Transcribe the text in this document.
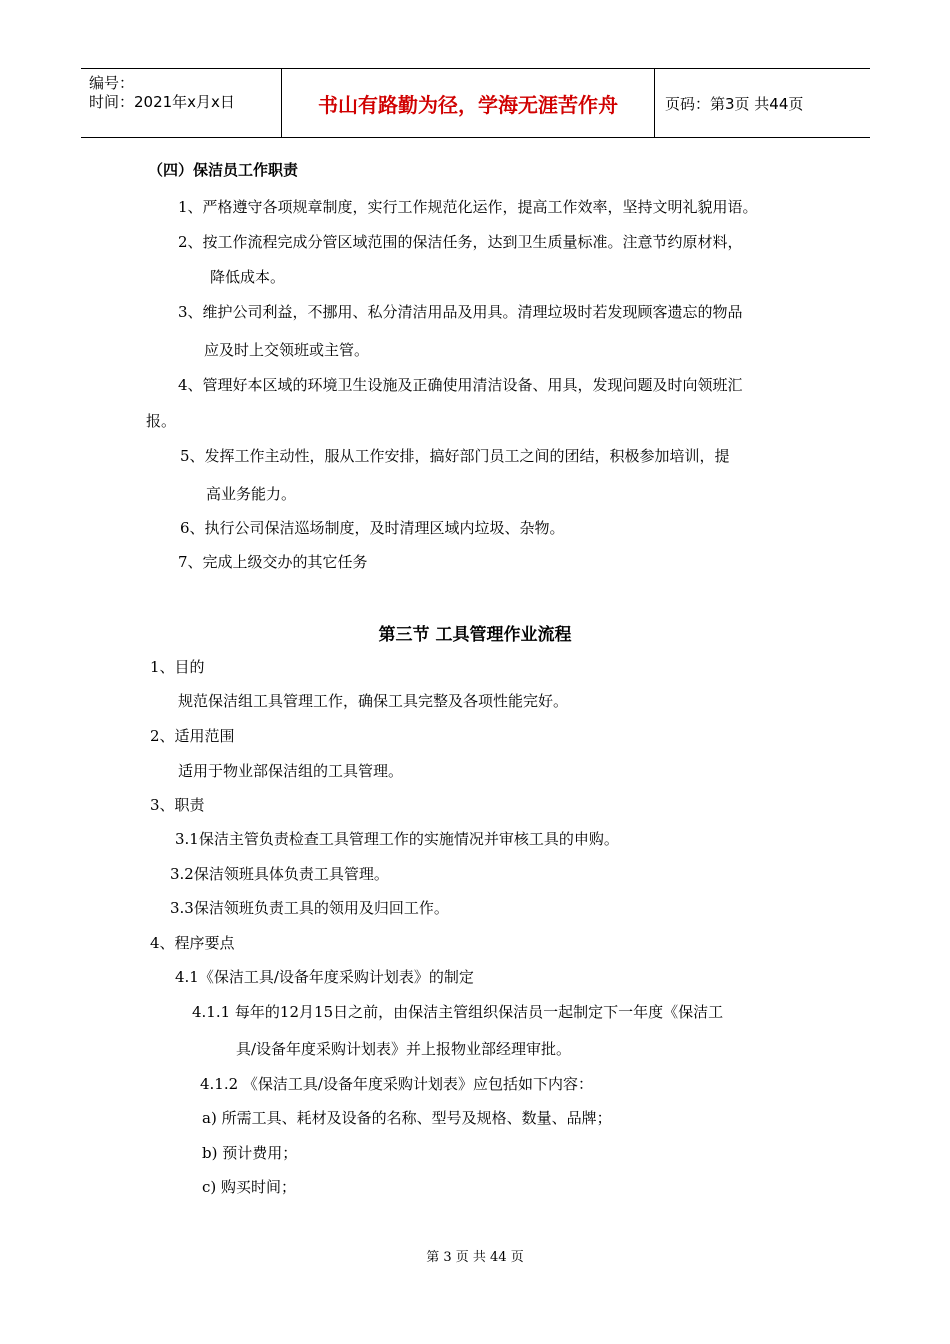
编号：
时间：2021年x月x日	书山有路勤为径，学海无涯苦作舟	页码：第3页 共44页
（四）保洁员工作职责
1、严格遵守各项规章制度，实行工作规范化运作，提高工作效率，坚持文明礼貌用语。
2、按工作流程完成分管区域范围的保洁任务，达到卫生质量标准。注意节约原材料，
降低成本。
3、维护公司利益，不挪用、私分清洁用品及用具。清理垃圾时若发现顾客遗忘的物品
应及时上交领班或主管。
4、管理好本区域的环境卫生设施及正确使用清洁设备、用具，发现问题及时向领班汇
报。
5、发挥工作主动性，服从工作安排，搞好部门员工之间的团结，积极参加培训，提
高业务能力。
6、执行公司保洁巡场制度，及时清理区域内垃圾、杂物。
7、完成上级交办的其它任务
第三节 工具管理作业流程
1、目的
规范保洁组工具管理工作，确保工具完整及各项性能完好。
2、适用范围
适用于物业部保洁组的工具管理。
3、职责
3.1保洁主管负责检查工具管理工作的实施情况并审核工具的申购。
3.2保洁领班具体负责工具管理。
3.3保洁领班负责工具的领用及归回工作。
4、程序要点
4.1《保洁工具/设备年度采购计划表》的制定
4.1.1 每年的12月15日之前，由保洁主管组织保洁员一起制定下一年度《保洁工
具/设备年度采购计划表》并上报物业部经理审批。
4.1.2 《保洁工具/设备年度采购计划表》应包括如下内容：
a) 所需工具、耗材及设备的名称、型号及规格、数量、品牌；
b) 预计费用；
c) 购买时间；
第 3 页 共 44 页
